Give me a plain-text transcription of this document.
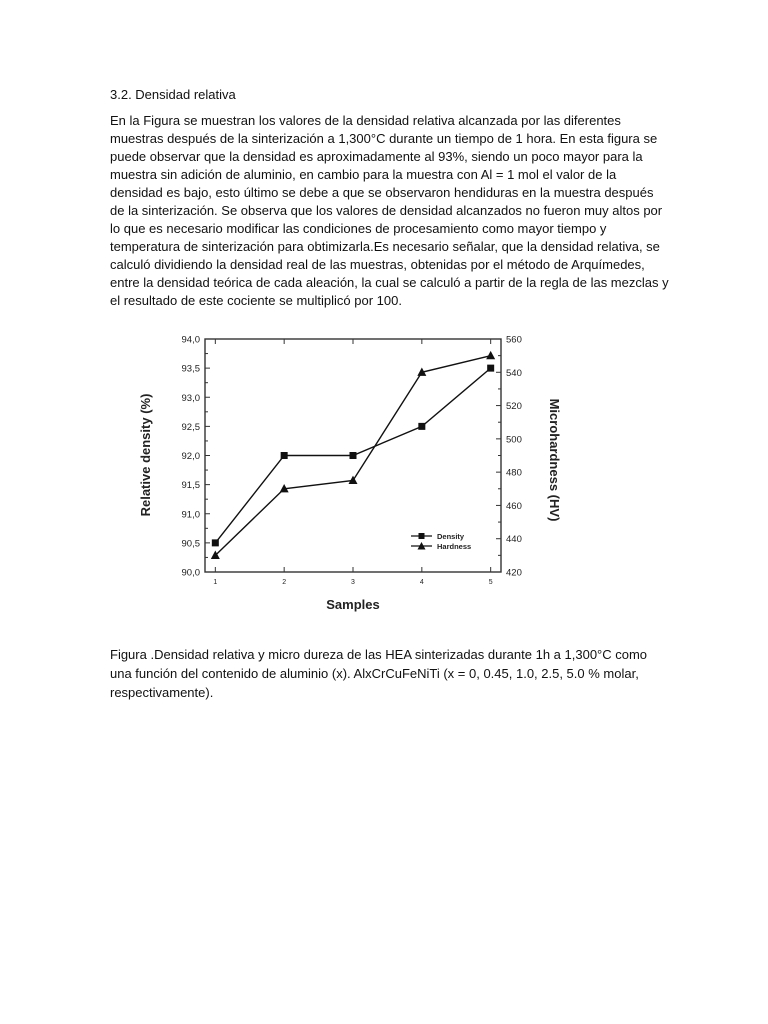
3.2. Densidad relativa
En la Figura se muestran los valores de la densidad relativa alcanzada por las diferentes
muestras después de la sinterización a 1,300°C durante un tiempo de 1 hora. En esta figura se
puede observar que la densidad es aproximadamente al 93%, siendo un poco mayor para la
muestra sin adición de aluminio, en cambio para la muestra con Al = 1 mol el valor de la
densidad es bajo, esto último se debe a que se observaron hendiduras en la muestra después
de la sinterización. Se observa que los valores de densidad alcanzados no fueron muy altos por
lo que es necesario modificar las condiciones de procesamiento como mayor tiempo y
temperatura de sinterización para obtimizarla.Es necesario señalar, que la densidad relativa, se
calculó dividiendo la densidad real de las muestras, obtenidas por el método de Arquímedes,
entre la densidad teórica de cada aleación, la cual se calculó a partir de la regla de las mezclas y
el resultado de este cociente se multiplicó por 100.
90,0
90,5
91,0
91,5
92,0
92,5
93,0
93,5
94,0
420
440
460
480
500
520
540
560
1	2	3	4	5
Samples
Relative density (%)	Microhardness (HV)
Density
Hardness
Figura .Densidad relativa y micro dureza de las HEA sinterizadas durante 1h a 1,300°C como
una función del contenido de aluminio (x). AlxCrCuFeNiTi (x = 0, 0.45, 1.0, 2.5, 5.0 % molar,
respectivamente).
